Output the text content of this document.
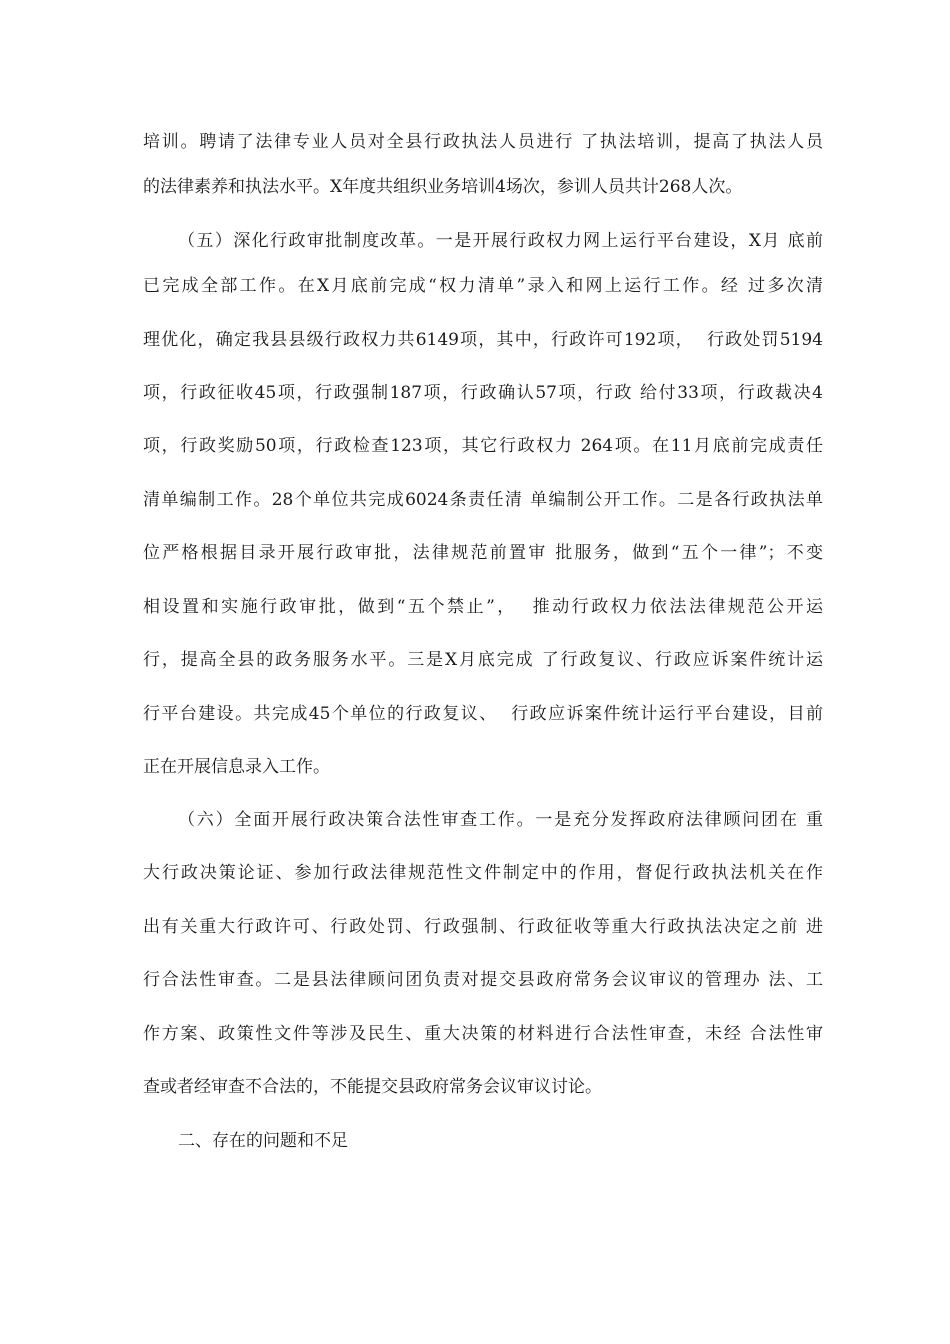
培训。聘请了法律专业人员对全县行政执法人员进行 了执法培训，提高了执法人员
的法律素养和执法水平。X年度共组织业务培训4场次，参训人员共计268人次。
（五）深化行政审批制度改革。一是开展行政权力网上运行平台建设，X月 底前
已完成全部工作。在X月底前完成“权力清单”录入和网上运行工作。经 过多次清
理优化，确定我县县级行政权力共6149项，其中，行政许可192项，  行政处罚5194
项，行政征收45项，行政强制187项，行政确认57项，行政 给付33项，行政裁决4
项，行政奖励50项，行政检查123项，其它行政权力 264项。在11月底前完成责任
清单编制工作。28个单位共完成6024条责任清 单编制公开工作。二是各行政执法单
位严格根据目录开展行政审批，法律规范前置审 批服务，做到“五个一律”；不变
相设置和实施行政审批，做到“五个禁止”，  推动行政权力依法法律规范公开运
行，提高全县的政务服务水平。三是X月底完成 了行政复议、行政应诉案件统计运
行平台建设。共完成45个单位的行政复议、  行政应诉案件统计运行平台建设，目前
正在开展信息录入工作。
（六）全面开展行政决策合法性审查工作。一是充分发挥政府法律顾问团在 重
大行政决策论证、参加行政法律规范性文件制定中的作用，督促行政执法机关在作
出有关重大行政许可、行政处罚、行政强制、行政征收等重大行政执法决定之前 进
行合法性审查。二是县法律顾问团负责对提交县政府常务会议审议的管理办 法、工
作方案、政策性文件等涉及民生、重大决策的材料进行合法性审查，未经 合法性审
查或者经审查不合法的，不能提交县政府常务会议审议讨论。
二、存在的问题和不足
